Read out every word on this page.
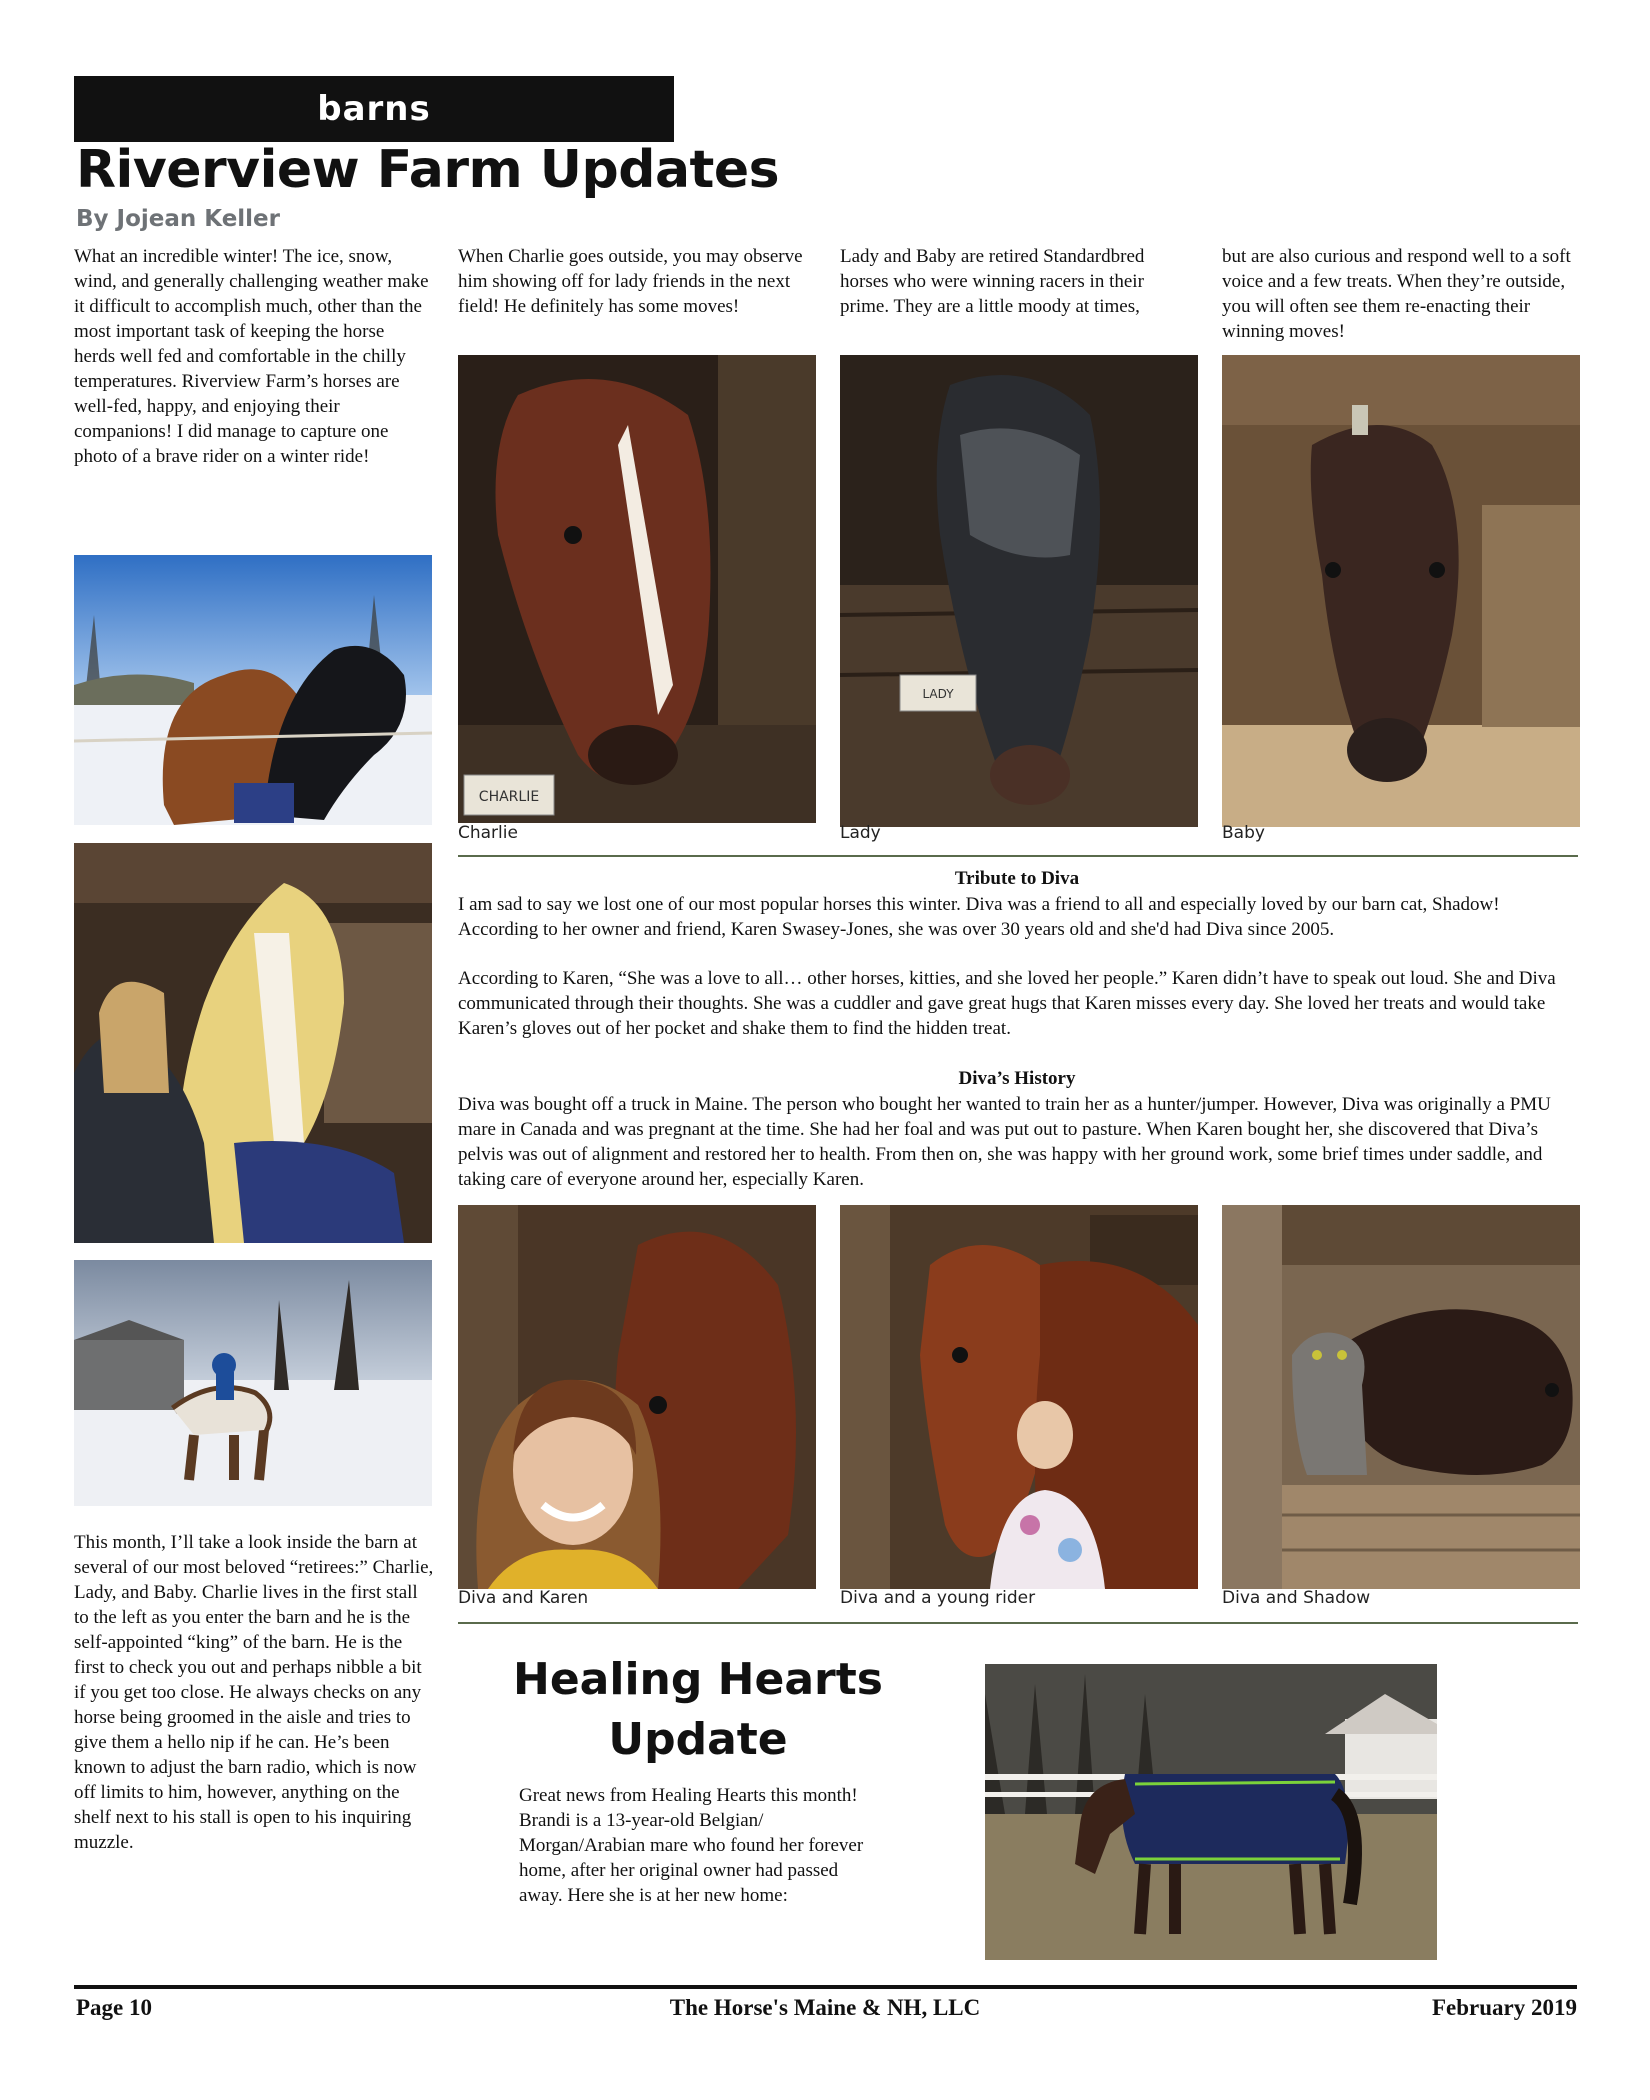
barns
Riverview Farm Updates
By Jojean Keller
What an incredible winter! The ice, snow, wind, and generally challenging weather make it difficult to accomplish much, other than the most important task of keeping the horse herds well fed and comfortable in the chilly temperatures. Riverview Farm’s horses are well-fed, happy, and enjoying their companions! I did manage to capture one photo of a brave rider on a winter ride!
When Charlie goes outside, you may observe him showing off for lady friends in the next field! He definitely has some moves!
Lady and Baby are retired Standardbred horses who were winning racers in their prime. They are a little moody at times,
but are also curious and respond well to a soft voice and a few treats. When they’re outside, you will often see them re-enacting their winning moves!
This month, I’ll take a look inside the barn at several of our most beloved “retirees:” Charlie, Lady, and Baby. Charlie lives in the first stall to the left as you enter the barn and he is the self-appointed “king” of the barn. He is the first to check you out and perhaps nibble a bit if you get too close. He always checks on any horse being groomed in the aisle and tries to give them a hello nip if he can. He’s been known to adjust the barn radio, which is now off limits to him, however, anything on the shelf next to his stall is open to his inquiring muzzle.
CHARLIE
LADY
Charlie	Lady	Baby
Tribute to Diva
I am sad to say we lost one of our most popular horses this winter. Diva was a friend to all and especially loved by our barn cat, Shadow! According to her owner and friend, Karen Swasey-Jones, she was over 30 years old and she'd had Diva since 2005.
According to Karen, “She was a love to all… other horses, kitties, and she loved her people.” Karen didn’t have to speak out loud. She and Diva communicated through their thoughts. She was a cuddler and gave great hugs that Karen misses every day. She loved her treats and would take Karen’s gloves out of her pocket and shake them to find the hidden treat.
Diva’s History
Diva was bought off a truck in Maine. The person who bought her wanted to train her as a hunter/jumper. However, Diva was originally a PMU mare in Canada and was pregnant at the time. She had her foal and was put out to pasture. When Karen bought her, she discovered that Diva’s pelvis was out of alignment and restored her to health. From then on, she was happy with her ground work, some brief times under saddle, and taking care of everyone around her, especially Karen.
Diva and Karen	Diva and a young rider	Diva and Shadow
Healing Hearts
Update
Great news from Healing Hearts this month! Brandi is a 13-year-old Belgian/ Morgan/Arabian mare who found her forever home, after her original owner had passed away. Here she is at her new home:
Page 10	The Horse's Maine & NH, LLC	February 2019
